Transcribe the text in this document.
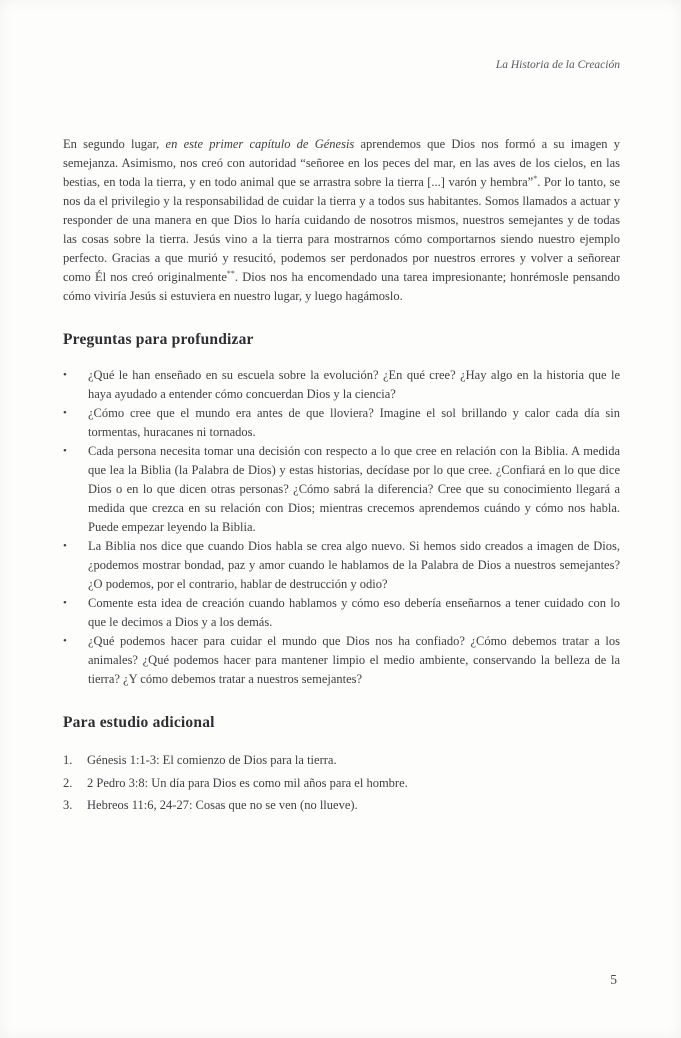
La Historia de la Creación

En segundo lugar, en este primer capítulo de Génesis aprendemos que Dios nos formó a su imagen y semejanza. Asimismo, nos creó con autoridad “señoree en los peces del mar, en las aves de los cielos, en las bestias, en toda la tierra, y en todo animal que se arrastra sobre la tierra [...] varón y hembra”*. Por lo tanto, se nos da el privilegio y la responsabilidad de cuidar la tierra y a todos sus habitantes. Somos llamados a actuar y responder de una manera en que Dios lo haría cuidando de nosotros mismos, nuestros semejantes y de todas las cosas sobre la tierra. Jesús vino a la tierra para mostrarnos cómo comportarnos siendo nuestro ejemplo perfecto. Gracias a que murió y resucitó, podemos ser perdonados por nuestros errores y volver a señorear como Él nos creó originalmente**. Dios nos ha encomendado una tarea impresionante; honrémosle pensando cómo viviría Jesús si estuviera en nuestro lugar, y luego hagámoslo.

Preguntas para profundizar
•	¿Qué le han enseñado en su escuela sobre la evolución? ¿En qué cree? ¿Hay algo en la historia que le haya ayudado a entender cómo concuerdan Dios y la ciencia?
•	¿Cómo cree que el mundo era antes de que lloviera? Imagine el sol brillando y calor cada día sin tormentas, huracanes ni tornados.
•	Cada persona necesita tomar una decisión con respecto a lo que cree en relación con la Biblia. A medida que lea la Biblia (la Palabra de Dios) y estas historias, decídase por lo que cree. ¿Confiará en lo que dice Dios o en lo que dicen otras personas? ¿Cómo sabrá la diferencia? Cree que su conocimiento llegará a medida que crezca en su relación con Dios; mientras crecemos aprendemos cuándo y cómo nos habla. Puede empezar leyendo la Biblia.
•	La Biblia nos dice que cuando Dios habla se crea algo nuevo. Si hemos sido creados a imagen de Dios, ¿podemos mostrar bondad, paz y amor cuando le hablamos de la Palabra de Dios a nuestros semejantes? ¿O podemos, por el contrario, hablar de destrucción y odio?
•	Comente esta idea de creación cuando hablamos y cómo eso debería enseñarnos a tener cuidado con lo que le decimos a Dios y a los demás.
•	¿Qué podemos hacer para cuidar el mundo que Dios nos ha confiado? ¿Cómo debemos tratar a los animales? ¿Qué podemos hacer para mantener limpio el medio ambiente, conservando la belleza de la tierra? ¿Y cómo debemos tratar a nuestros semejantes?
Para estudio adicional
1.	Génesis 1:1-3: El comienzo de Dios para la tierra.
2.	2 Pedro 3:8: Un día para Dios es como mil años para el hombre.
3.	Hebreos 11:6, 24-27: Cosas que no se ven (no llueve).
5
